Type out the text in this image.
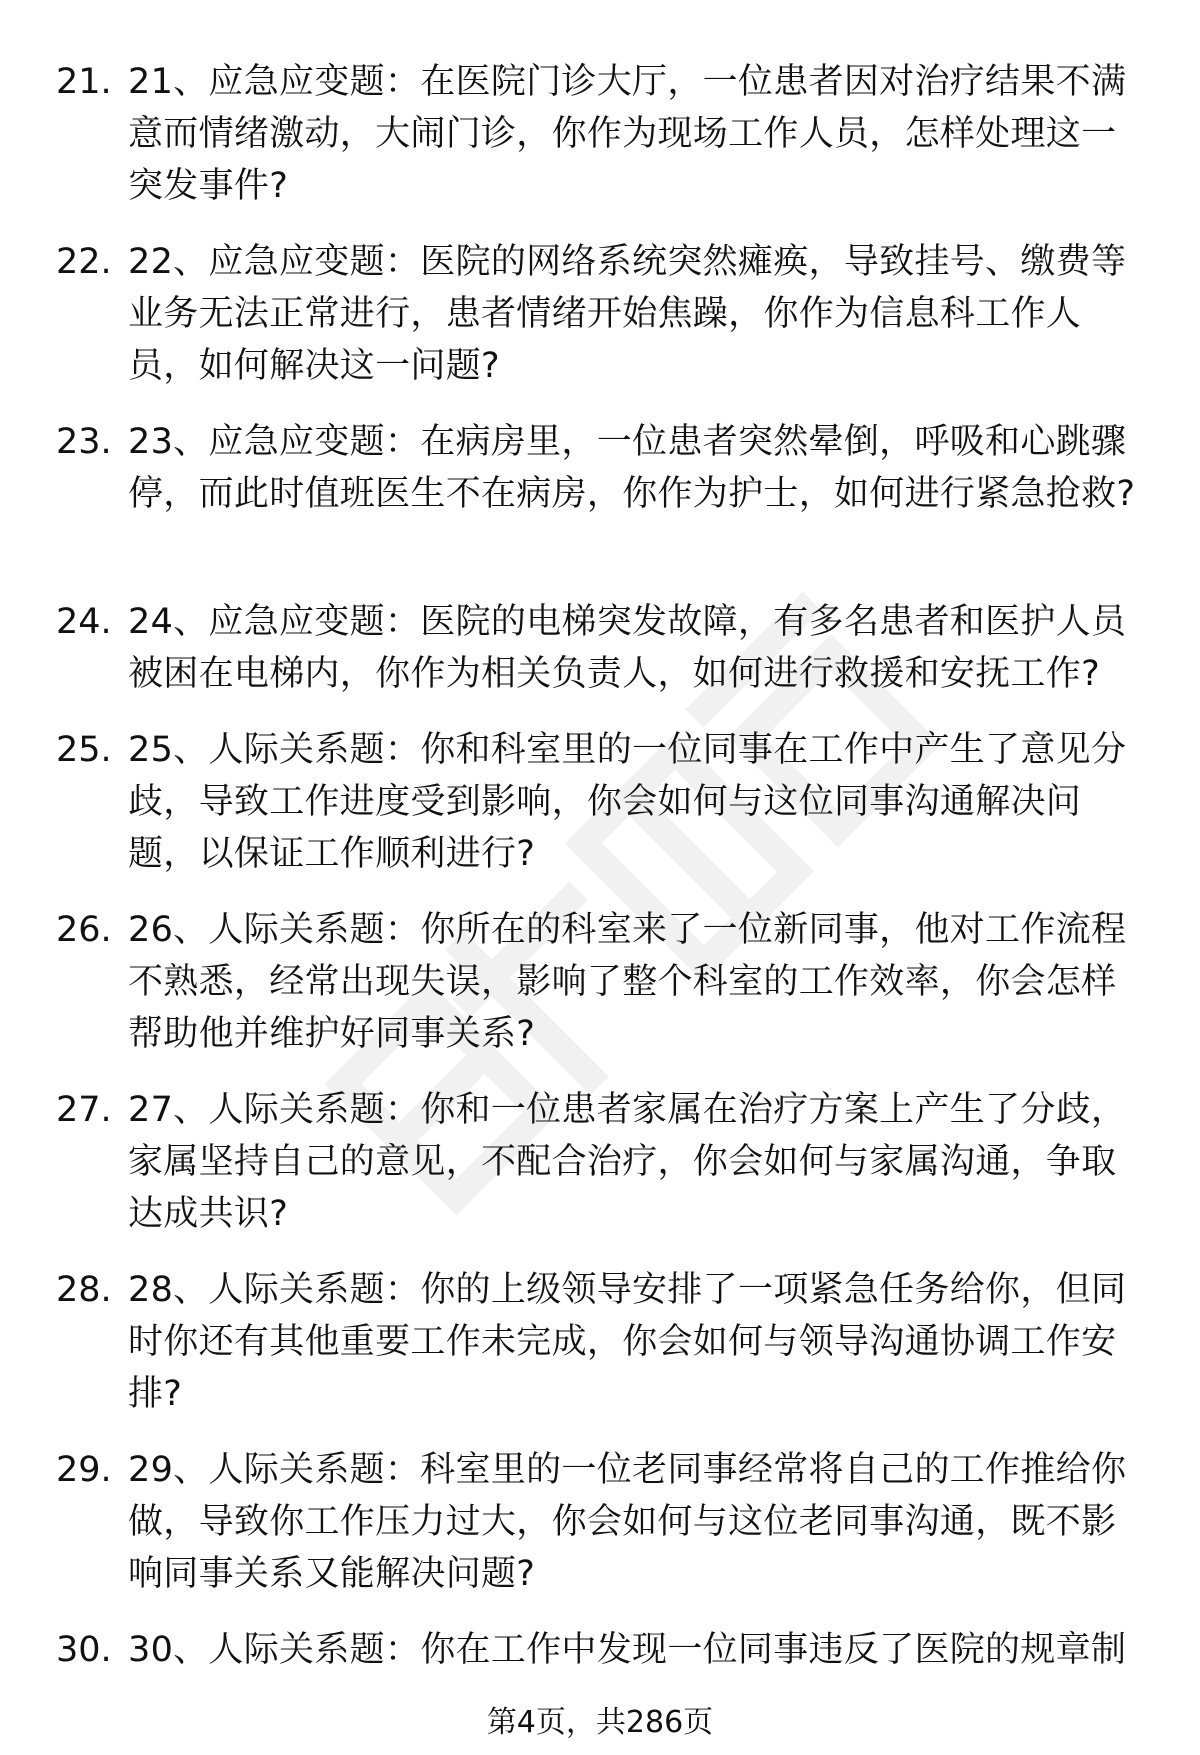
21. 21、应急应变题：在医院门诊大厅，一位患者因对治疗结果不满意而情绪激动，大闹门诊，你作为现场工作人员，怎样处理这一突发事件?
22. 22、应急应变题：医院的网络系统突然瘫痪，导致挂号、缴费等业务无法正常进行，患者情绪开始焦躁，你作为信息科工作人员，如何解决这一问题?
23. 23、应急应变题：在病房里，一位患者突然晕倒，呼吸和心跳骤停，而此时值班医生不在病房，你作为护士，如何进行紧急抢救?
24. 24、应急应变题：医院的电梯突发故障，有多名患者和医护人员被困在电梯内，你作为相关负责人，如何进行救援和安抚工作?
25. 25、人际关系题：你和科室里的一位同事在工作中产生了意见分歧，导致工作进度受到影响，你会如何与这位同事沟通解决问题，以保证工作顺利进行?
26. 26、人际关系题：你所在的科室来了一位新同事，他对工作流程不熟悉，经常出现失误，影响了整个科室的工作效率，你会怎样帮助他并维护好同事关系?
27. 27、人际关系题：你和一位患者家属在治疗方案上产生了分歧，家属坚持自己的意见，不配合治疗，你会如何与家属沟通，争取达成共识?
28. 28、人际关系题：你的上级领导安排了一项紧急任务给你，但同时你还有其他重要工作未完成，你会如何与领导沟通协调工作安排?
29. 29、人际关系题：科室里的一位老同事经常将自己的工作推给你做，导致你工作压力过大，你会如何与这位老同事沟通，既不影响同事关系又能解决问题?
30. 30、人际关系题：你在工作中发现一位同事违反了医院的规章制
第4页，共286页
